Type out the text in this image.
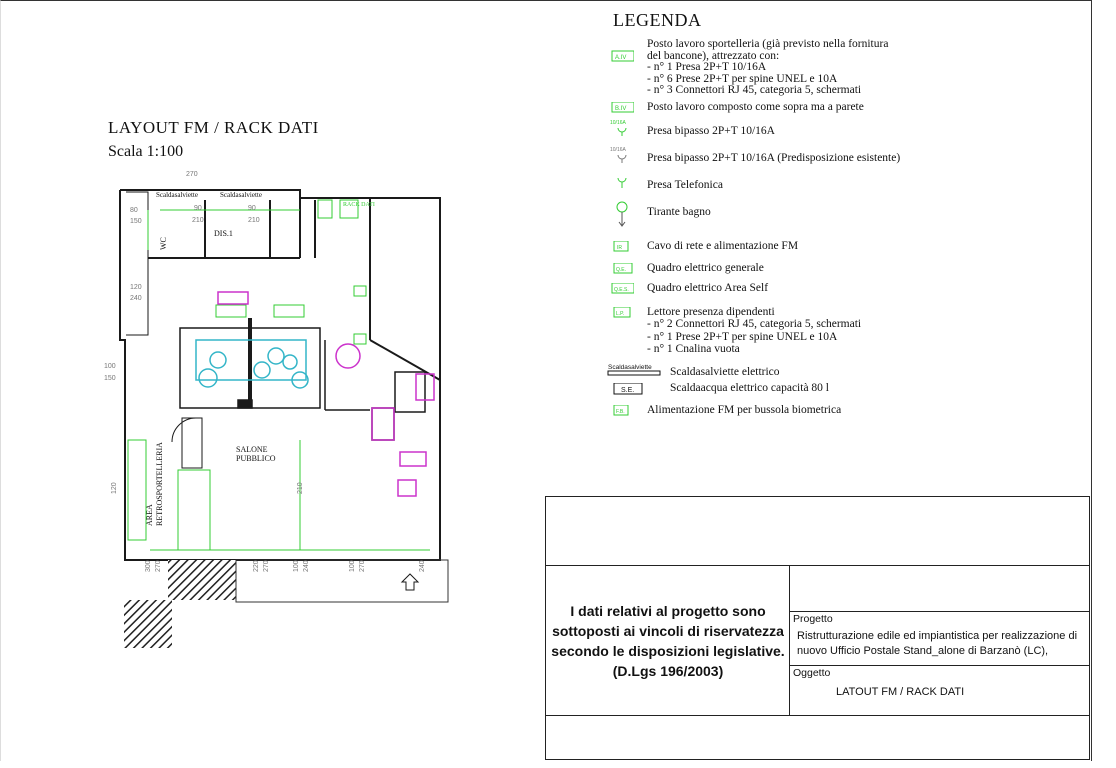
LAYOUT FM / RACK DATI
Scala 1:100
Scaldasalviette	Scaldasalviette
WC
DIS.1
RACK DATI
SALONE
PUBBLICO
AREA RETROSPORTELLERIA
270
90
210
90
210
80
150
120
240
100
150
120	210
300 270	220 270	100 240	100 270	240
LEGENDA
A.IV
Posto lavoro sportelleria (già previsto nella fornitura
del bancone), attrezzato con:
- n° 1 Presa 2P+T 10/16A
- n° 6 Prese 2P+T per spine UNEL e 10A
- n° 3 Connettori RJ 45, categoria 5, schermati
B.IV Posto lavoro composto come sopra ma a parete
10/16A
Presa bipasso 2P+T 10/16A
10/16A
Presa bipasso 2P+T 10/16A (Predisposizione esistente)
Presa Telefonica
Tirante bagno
IR Cavo di rete e alimentazione FM
Q.E. Quadro elettrico generale
Q.E.S. Quadro elettrico Area Self
L.P. Lettore presenza dipendenti
- n° 2 Connettori RJ 45, categoria 5, schermati
- n° 1 Prese 2P+T per spine UNEL e 10A
- n° 1 Cnalina vuota
Scaldasalviette Scaldasalviette elettrico
S.E.	Scaldaacqua elettrico capacità 80 l
F.B. Alimentazione FM per bussola biometrica
I dati relativi al progetto sono
sottoposti ai vincoli di riservatezza
secondo le disposizioni legislative.
(D.Lgs 196/2003)
Progetto
Ristrutturazione edile ed impiantistica per realizzazione di
nuovo Ufficio Postale Stand_alone di Barzanò (LC),
Oggetto
LATOUT FM / RACK DATI
